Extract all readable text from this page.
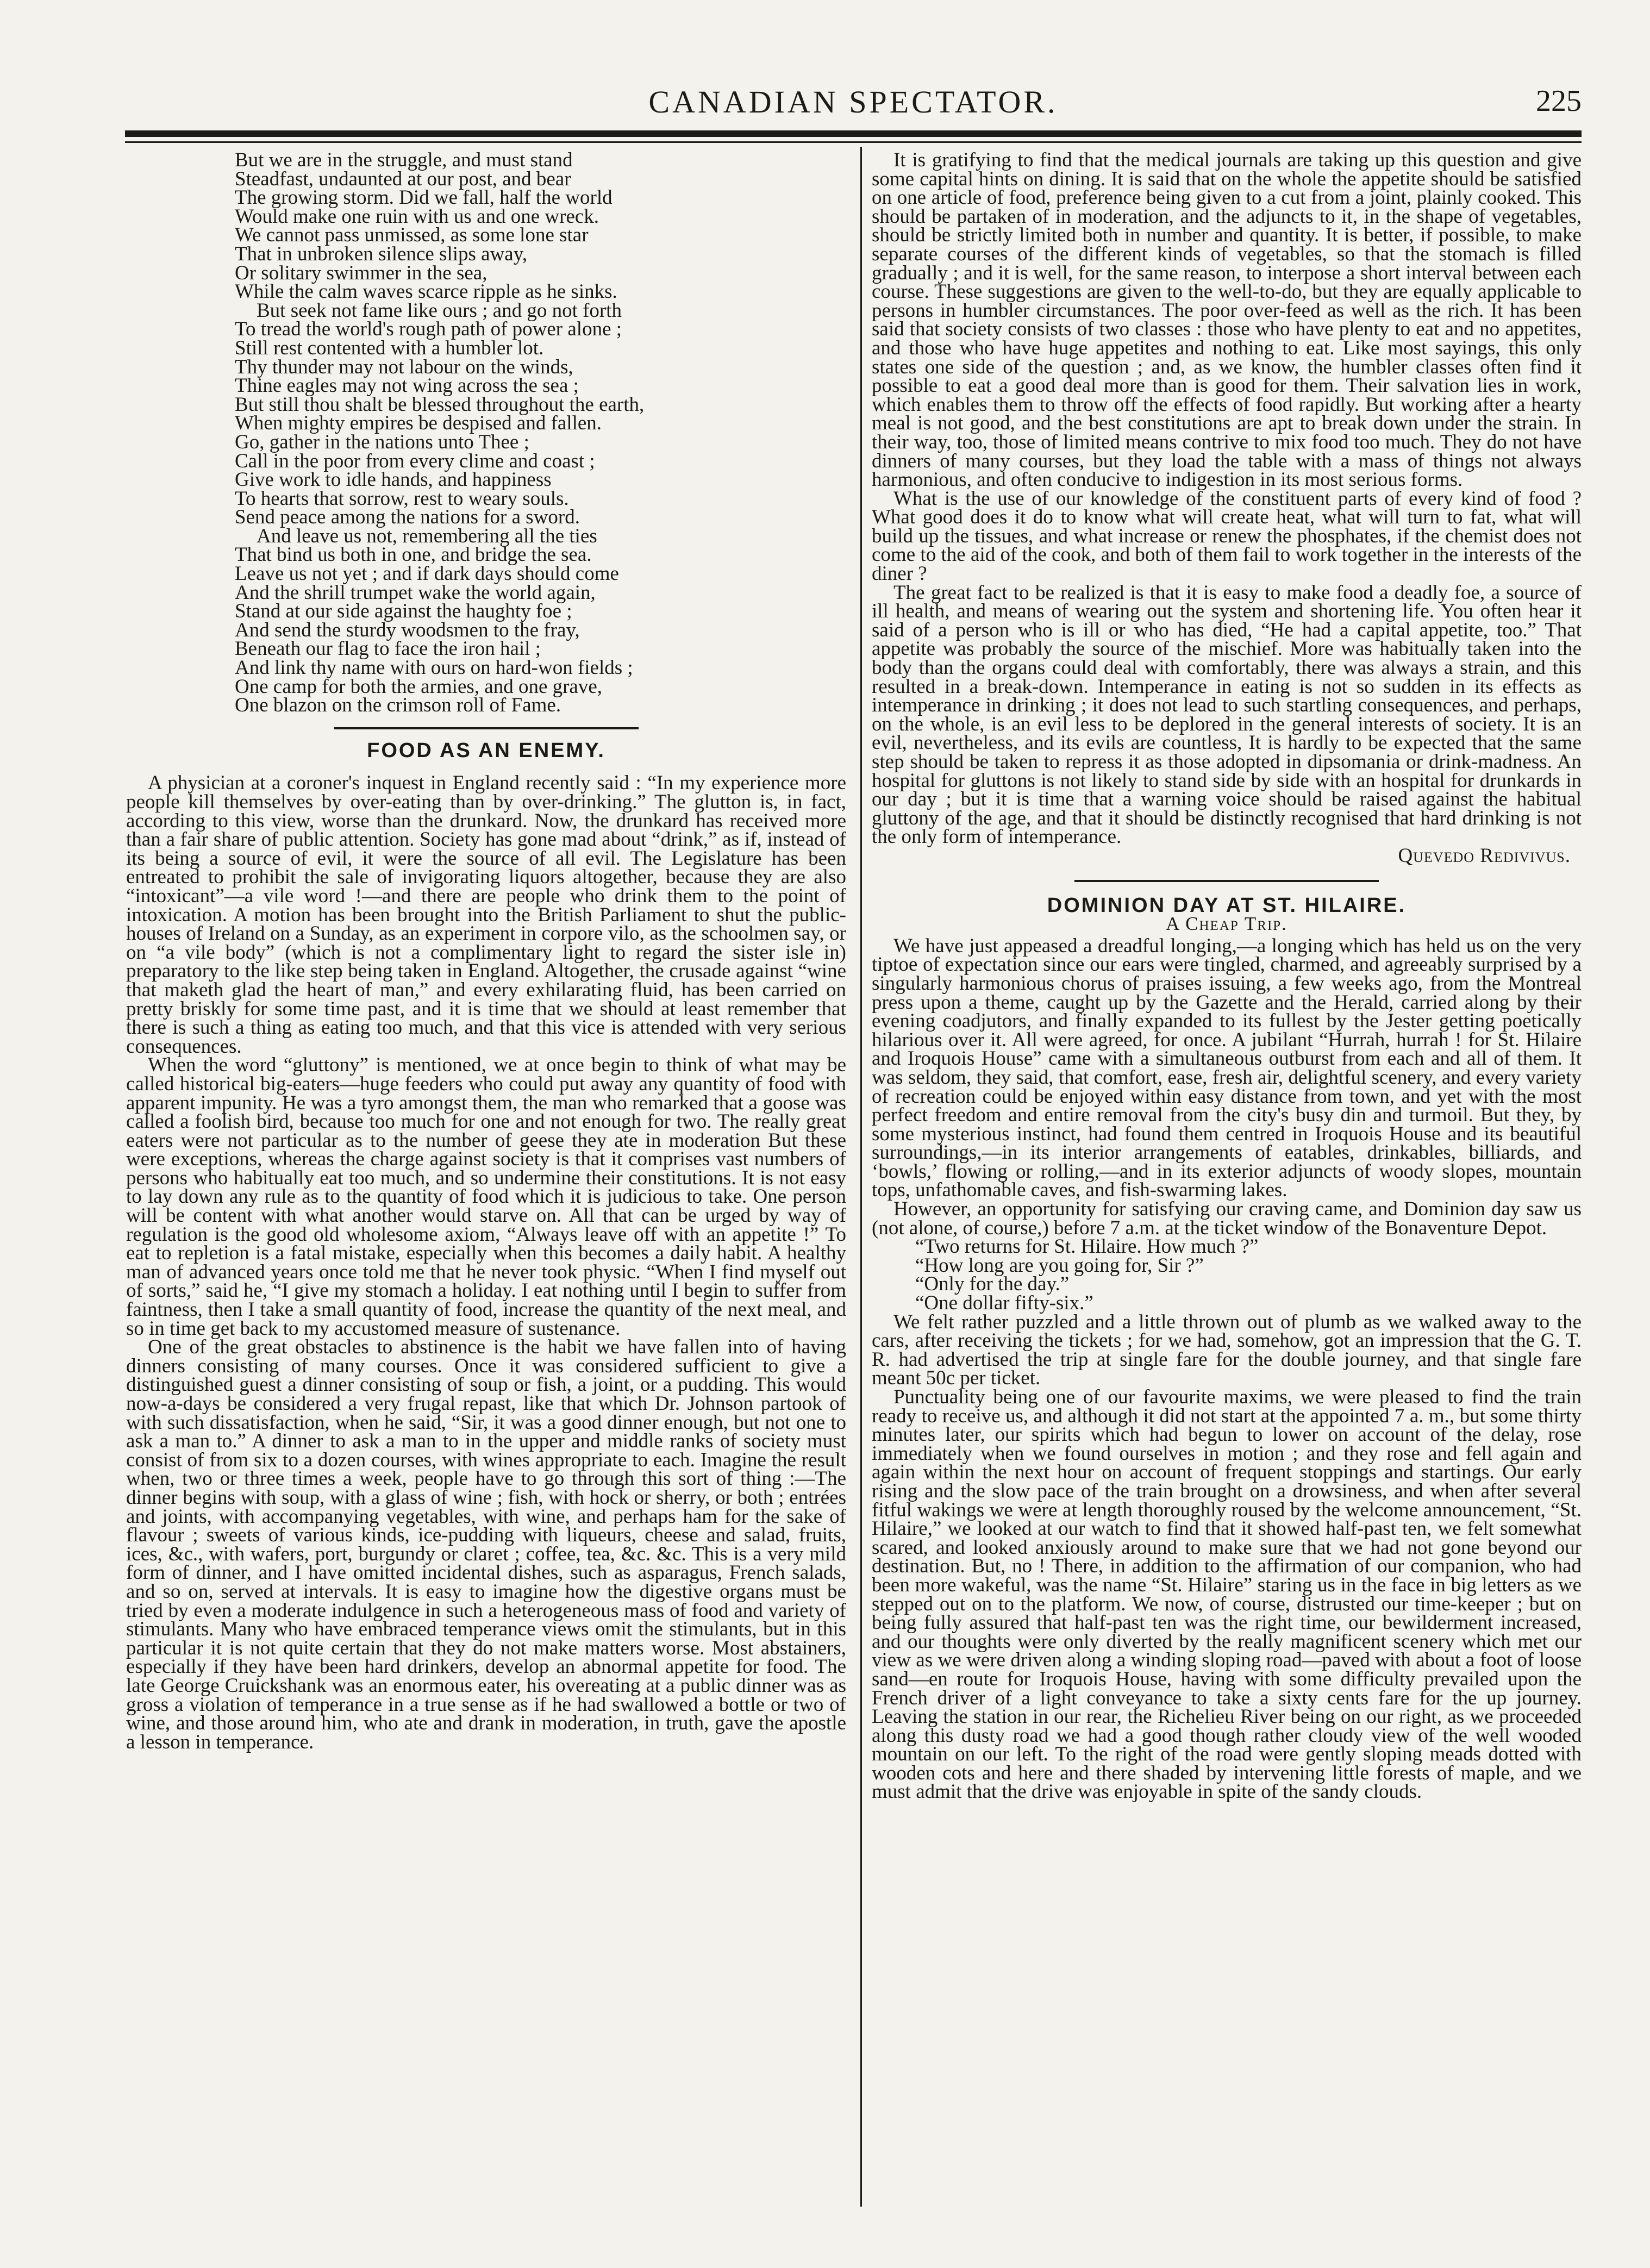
CANADIAN SPECTATOR.	225
But we are in the struggle, and must stand
Steadfast, undaunted at our post, and bear
The growing storm. Did we fall, half the world
Would make one ruin with us and one wreck.
We cannot pass unmissed, as some lone star
That in unbroken silence slips away,
Or solitary swimmer in the sea,
While the calm waves scarce ripple as he sinks.
But seek not fame like ours ; and go not forth
To tread the world's rough path of power alone ;
Still rest contented with a humbler lot.
Thy thunder may not labour on the winds,
Thine eagles may not wing across the sea ;
But still thou shalt be blessed throughout the earth,
When mighty empires be despised and fallen.
Go, gather in the nations unto Thee ;
Call in the poor from every clime and coast ;
Give work to idle hands, and happiness
To hearts that sorrow, rest to weary souls.
Send peace among the nations for a sword.
And leave us not, remembering all the ties
That bind us both in one, and bridge the sea.
Leave us not yet ; and if dark days should come
And the shrill trumpet wake the world again,
Stand at our side against the haughty foe ;
And send the sturdy woodsmen to the fray,
Beneath our flag to face the iron hail ;
And link thy name with ours on hard-won fields ;
One camp for both the armies, and one grave,
One blazon on the crimson roll of Fame.
FOOD AS AN ENEMY.

A physician at a coroner's inquest in England recently said : “In my experience more people kill themselves by over-eating than by over-drinking.” The glutton is, in fact, according to this view, worse than the drunkard. Now, the drunkard has received more than a fair share of public attention. Society has gone mad about “drink,” as if, instead of its being a source of evil, it were the source of all evil. The Legislature has been entreated to prohibit the sale of invigorating liquors altogether, because they are also “intoxicant”—a vile word !—and there are people who drink them to the point of intoxication. A motion has been brought into the British Parliament to shut the public-houses of Ireland on a Sunday, as an experiment in corpore vilo, as the schoolmen say, or on “a vile body” (which is not a complimentary light to regard the sister isle in) preparatory to the like step being taken in England. Altogether, the crusade against “wine that maketh glad the heart of man,” and every exhilarating fluid, has been carried on pretty briskly for some time past, and it is time that we should at least remember that there is such a thing as eating too much, and that this vice is attended with very serious consequences.

When the word “gluttony” is mentioned, we at once begin to think of what may be called historical big-eaters—huge feeders who could put away any quantity of food with apparent impunity. He was a tyro amongst them, the man who remarked that a goose was called a foolish bird, because too much for one and not enough for two. The really great eaters were not particular as to the number of geese they ate in moderation But these were exceptions, whereas the charge against society is that it comprises vast numbers of persons who habitually eat too much, and so undermine their constitutions. It is not easy to lay down any rule as to the quantity of food which it is judicious to take. One person will be content with what another would starve on. All that can be urged by way of regulation is the good old wholesome axiom, “Always leave off with an appetite !” To eat to repletion is a fatal mistake, especially when this becomes a daily habit. A healthy man of advanced years once told me that he never took physic. “When I find myself out of sorts,” said he, “I give my stomach a holiday. I eat nothing until I begin to suffer from faintness, then I take a small quantity of food, increase the quantity of the next meal, and so in time get back to my accustomed measure of sustenance.

One of the great obstacles to abstinence is the habit we have fallen into of having dinners consisting of many courses. Once it was considered sufficient to give a distinguished guest a dinner consisting of soup or fish, a joint, or a pudding. This would now-a-days be considered a very frugal repast, like that which Dr. Johnson partook of with such dissatisfaction, when he said, “Sir, it was a good dinner enough, but not one to ask a man to.” A dinner to ask a man to in the upper and middle ranks of society must consist of from six to a dozen courses, with wines appropriate to each. Imagine the result when, two or three times a week, people have to go through this sort of thing :—The dinner begins with soup, with a glass of wine ; fish, with hock or sherry, or both ; entrées and joints, with accompanying vegetables, with wine, and perhaps ham for the sake of flavour ; sweets of various kinds, ice-pudding with liqueurs, cheese and salad, fruits, ices, &c., with wafers, port, burgundy or claret ; coffee, tea, &c. &c. This is a very mild form of dinner, and I have omitted incidental dishes, such as asparagus, French salads, and so on, served at intervals. It is easy to imagine how the digestive organs must be tried by even a moderate indulgence in such a heterogeneous mass of food and variety of stimulants. Many who have embraced temperance views omit the stimulants, but in this particular it is not quite certain that they do not make matters worse. Most abstainers, especially if they have been hard drinkers, develop an abnormal appetite for food. The late George Cruickshank was an enormous eater, his overeating at a public dinner was as gross a violation of temperance in a true sense as if he had swallowed a bottle or two of wine, and those around him, who ate and drank in moderation, in truth, gave the apostle a lesson in temperance.

It is gratifying to find that the medical journals are taking up this question and give some capital hints on dining. It is said that on the whole the appetite should be satisfied on one article of food, preference being given to a cut from a joint, plainly cooked. This should be partaken of in moderation, and the adjuncts to it, in the shape of vegetables, should be strictly limited both in number and quantity. It is better, if possible, to make separate courses of the different kinds of vegetables, so that the stomach is filled gradually ; and it is well, for the same reason, to interpose a short interval between each course. These suggestions are given to the well-to-do, but they are equally applicable to persons in humbler circumstances. The poor over-feed as well as the rich. It has been said that society consists of two classes : those who have plenty to eat and no appetites, and those who have huge appetites and nothing to eat. Like most sayings, this only states one side of the question ; and, as we know, the humbler classes often find it possible to eat a good deal more than is good for them. Their salvation lies in work, which enables them to throw off the effects of food rapidly. But working after a hearty meal is not good, and the best constitutions are apt to break down under the strain. In their way, too, those of limited means contrive to mix food too much. They do not have dinners of many courses, but they load the table with a mass of things not always harmonious, and often conducive to indigestion in its most serious forms.

What is the use of our knowledge of the constituent parts of every kind of food ? What good does it do to know what will create heat, what will turn to fat, what will build up the tissues, and what increase or renew the phosphates, if the chemist does not come to the aid of the cook, and both of them fail to work together in the interests of the diner ?

The great fact to be realized is that it is easy to make food a deadly foe, a source of ill health, and means of wearing out the system and shortening life. You often hear it said of a person who is ill or who has died, “He had a capital appetite, too.” That appetite was probably the source of the mischief. More was habitually taken into the body than the organs could deal with comfortably, there was always a strain, and this resulted in a break-down. Intemperance in eating is not so sudden in its effects as intemperance in drinking ; it does not lead to such startling consequences, and perhaps, on the whole, is an evil less to be deplored in the general interests of society. It is an evil, nevertheless, and its evils are countless, It is hardly to be expected that the same step should be taken to repress it as those adopted in dipsomania or drink-madness. An hospital for gluttons is not likely to stand side by side with an hospital for drunkards in our day ; but it is time that a warning voice should be raised against the habitual gluttony of the age, and that it should be distinctly recognised that hard drinking is not the only form of intemperance.

Quevedo Redivivus.
DOMINION DAY AT ST. HILAIRE.
A Cheap Trip.

We have just appeased a dreadful longing,—a longing which has held us on the very tiptoe of expectation since our ears were tingled, charmed, and agreeably surprised by a singularly harmonious chorus of praises issuing, a few weeks ago, from the Montreal press upon a theme, caught up by the Gazette and the Herald, carried along by their evening coadjutors, and finally expanded to its fullest by the Jester getting poetically hilarious over it. All were agreed, for once. A jubilant “Hurrah, hurrah ! for St. Hilaire and Iroquois House” came with a simultaneous outburst from each and all of them. It was seldom, they said, that comfort, ease, fresh air, delightful scenery, and every variety of recreation could be enjoyed within easy distance from town, and yet with the most perfect freedom and entire removal from the city's busy din and turmoil. But they, by some mysterious instinct, had found them centred in Iroquois House and its beautiful surroundings,—in its interior arrangements of eatables, drinkables, billiards, and ‘bowls,’ flowing or rolling,—and in its exterior adjuncts of woody slopes, mountain tops, unfathomable caves, and fish-swarming lakes.

However, an opportunity for satisfying our craving came, and Dominion day saw us (not alone, of course,) before 7 a.m. at the ticket window of the Bonaventure Depot.

“Two returns for St. Hilaire. How much ?”

“How long are you going for, Sir ?”

“Only for the day.”

“One dollar fifty-six.”

We felt rather puzzled and a little thrown out of plumb as we walked away to the cars, after receiving the tickets ; for we had, somehow, got an impression that the G. T. R. had advertised the trip at single fare for the double journey, and that single fare meant 50c per ticket.

Punctuality being one of our favourite maxims, we were pleased to find the train ready to receive us, and although it did not start at the appointed 7 a. m., but some thirty minutes later, our spirits which had begun to lower on account of the delay, rose immediately when we found ourselves in motion ; and they rose and fell again and again within the next hour on account of frequent stoppings and startings. Our early rising and the slow pace of the train brought on a drowsiness, and when after several fitful wakings we were at length thoroughly roused by the welcome announcement, “St. Hilaire,” we looked at our watch to find that it showed half-past ten, we felt somewhat scared, and looked anxiously around to make sure that we had not gone beyond our destination. But, no ! There, in addition to the affirmation of our companion, who had been more wakeful, was the name “St. Hilaire” staring us in the face in big letters as we stepped out on to the platform. We now, of course, distrusted our time-keeper ; but on being fully assured that half-past ten was the right time, our bewilderment increased, and our thoughts were only diverted by the really magnificent scenery which met our view as we were driven along a winding sloping road—paved with about a foot of loose sand—en route for Iroquois House, having with some difficulty prevailed upon the French driver of a light conveyance to take a sixty cents fare for the up journey. Leaving the station in our rear, the Richelieu River being on our right, as we proceeded along this dusty road we had a good though rather cloudy view of the well wooded mountain on our left. To the right of the road were gently sloping meads dotted with wooden cots and here and there shaded by intervening little forests of maple, and we must admit that the drive was enjoyable in spite of the sandy clouds.
